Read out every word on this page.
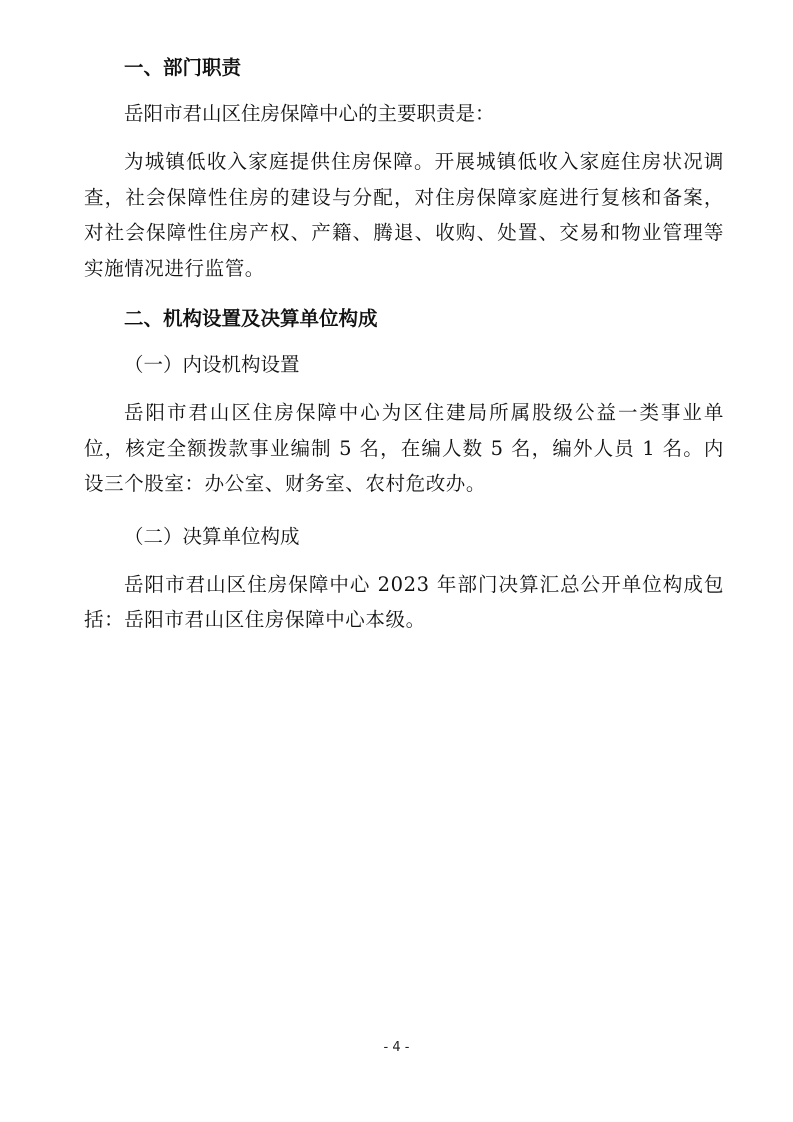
一、部门职责

岳阳市君山区住房保障中心的主要职责是：

为城镇低收入家庭提供住房保障。开展城镇低收入家庭住房状况调查，社会保障性住房的建设与分配，对住房保障家庭进行复核和备案，对社会保障性住房产权、产籍、腾退、收购、处置、交易和物业管理等实施情况进行监管。

二、机构设置及决算单位构成

（一）内设机构设置

岳阳市君山区住房保障中心为区住建局所属股级公益一类事业单位，核定全额拨款事业编制 5 名，在编人数 5 名，编外人员 1 名。内设三个股室：办公室、财务室、农村危改办。

（二）决算单位构成

岳阳市君山区住房保障中心 2023 年部门决算汇总公开单位构成包括：岳阳市君山区住房保障中心本级。

- 4 -
